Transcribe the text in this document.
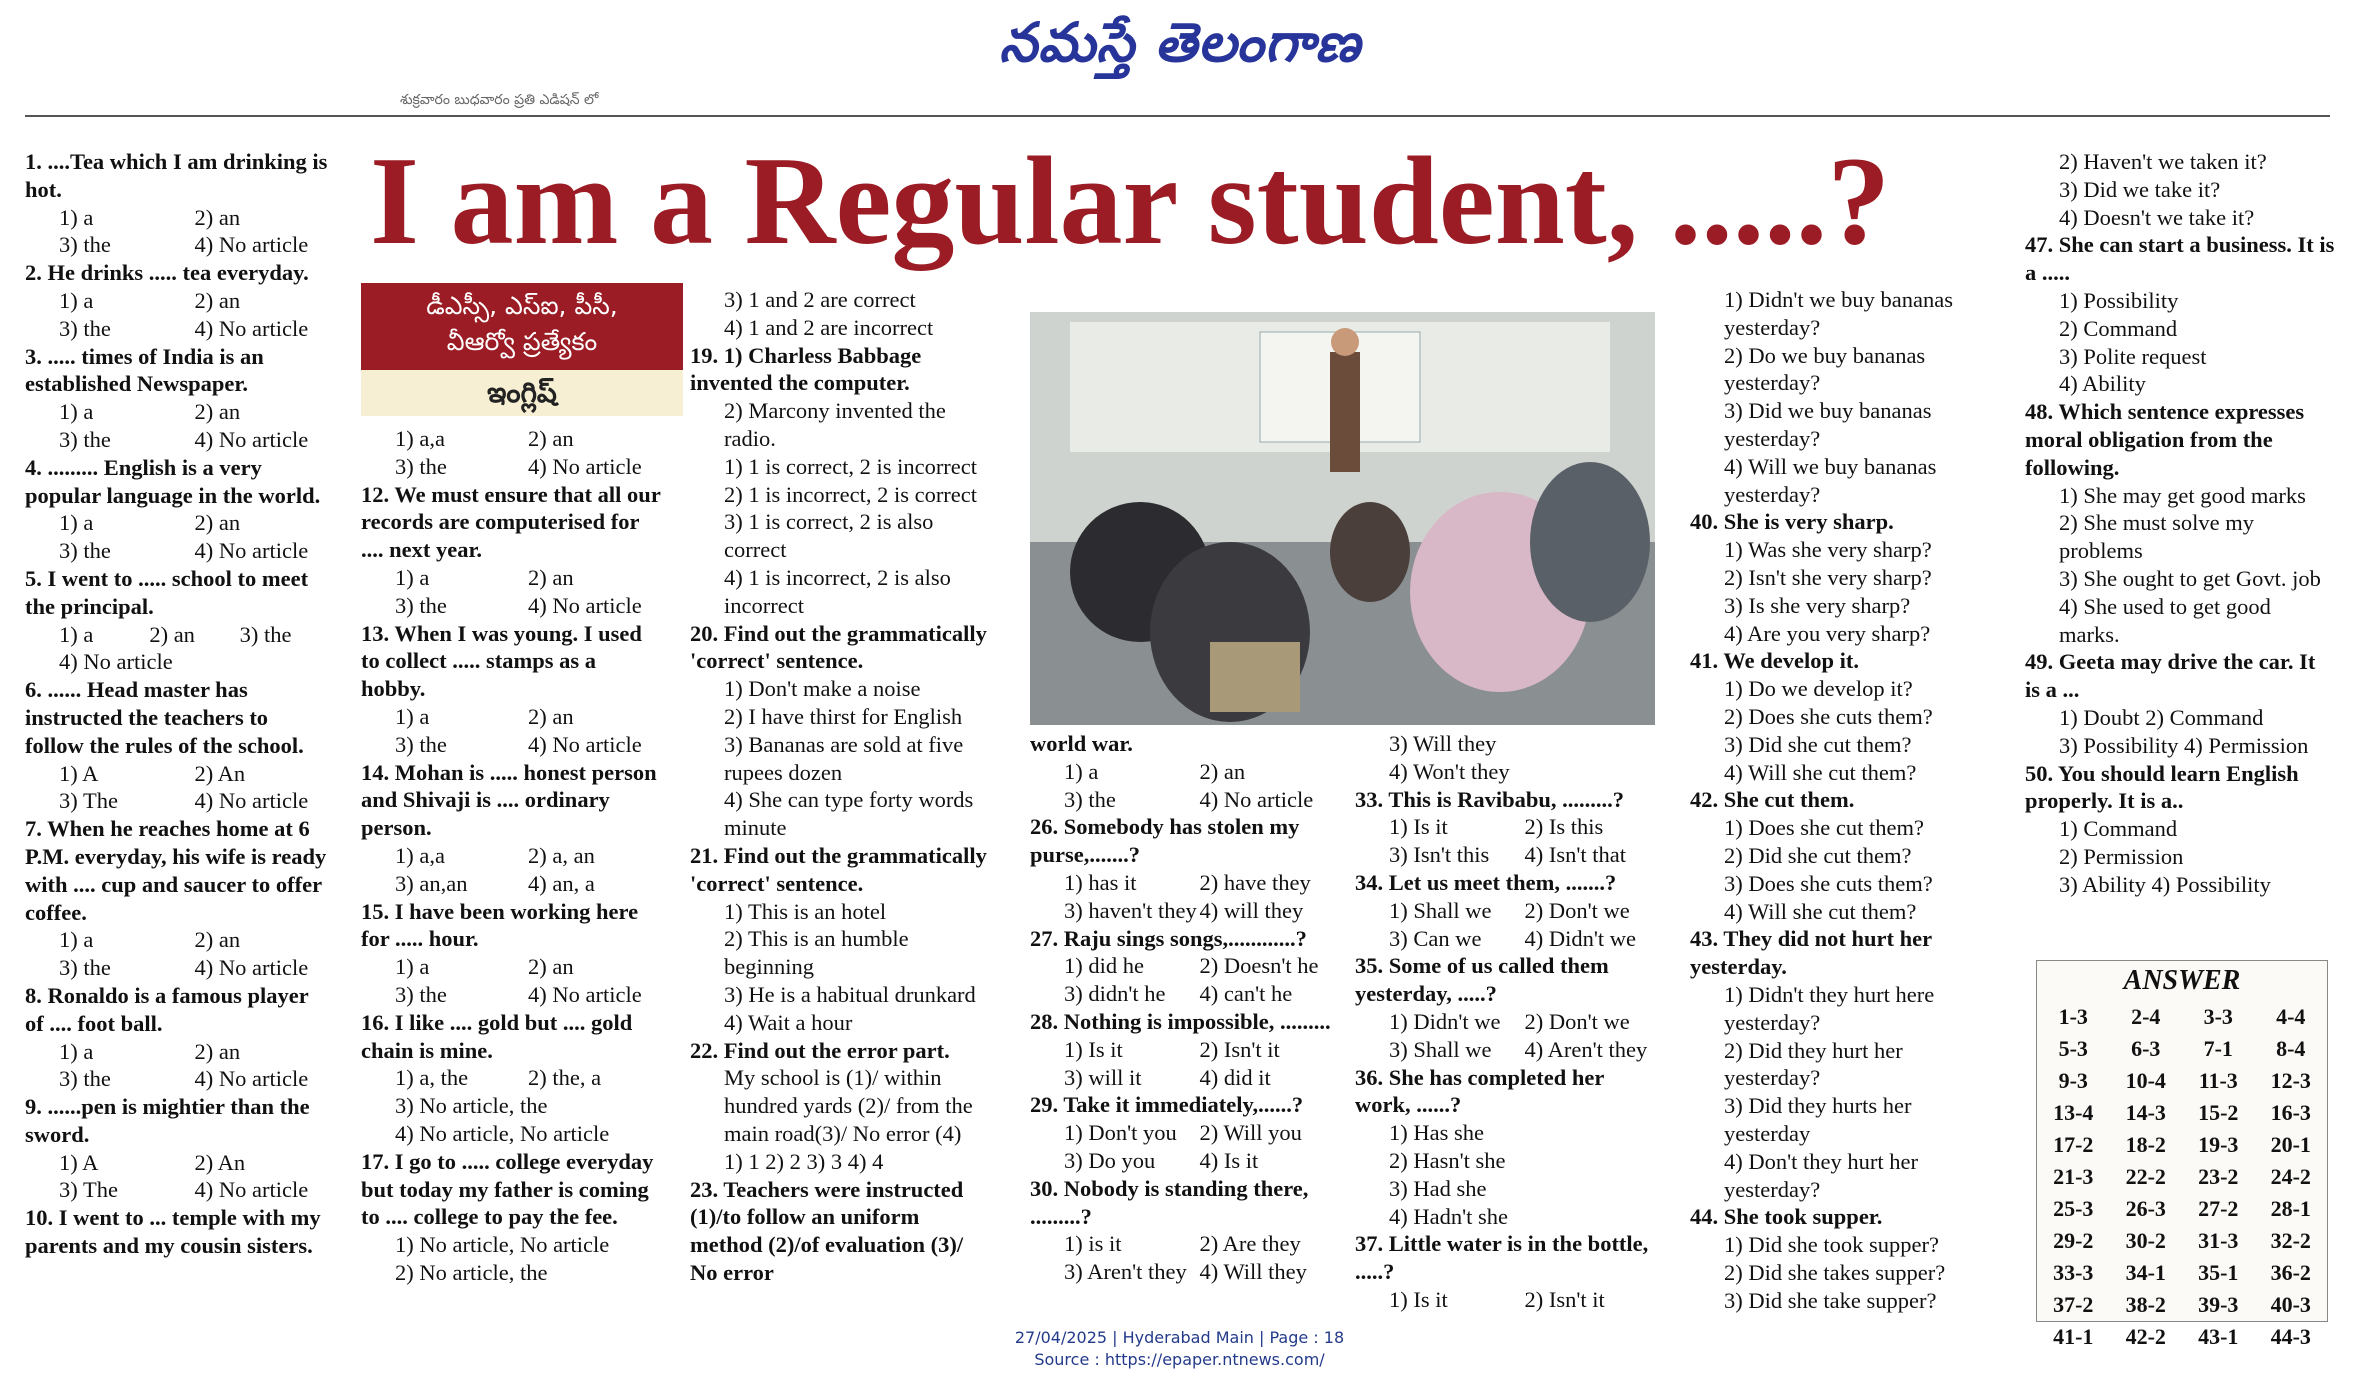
నమస్తే తెలంగాణ
శుక్రవారం బుధవారం ప్రతి ఎడిషన్ లో
I am a Regular student, .....?
డీఎస్సీ, ఎస్ఐ, పీసీ,
వీఆర్వో ప్రత్యేకం
ఇంగ్లిష్

1. ....Tea which I am drinking is hot.

1) a	2) an
3) the	4) No article

2. He drinks ..... tea everyday.

1) a	2) an
3) the	4) No article

3. ..... times of India is an established Newspaper.

1) a	2) an
3) the	4) No article

4. ......... English is a very popular language in the world.

1) a	2) an
3) the	4) No article

5. I went to ..... school to meet the principal.

1) a	2) an	3) the
4) No article

6. ...... Head master has instructed the teachers to follow the rules of the school.

1) A	2) An
3) The	4) No article

7. When he reaches home at 6 P.M. everyday, his wife is ready with .... cup and saucer to offer coffee.

1) a	2) an
3) the	4) No article

8. Ronaldo is a famous player of .... foot ball.

1) a	2) an
3) the	4) No article

9. ......pen is mightier than the sword.

1) A	2) An
3) The	4) No article

10. I went to ... temple with my parents and my cousin sisters.

1) a,a	2) an
3) the	4) No article

12. We must ensure that all our records are computerised for .... next year.

1) a	2) an
3) the	4) No article

13. When I was young. I used to collect ..... stamps as a hobby.

1) a	2) an
3) the	4) No article

14. Mohan is ..... honest person and Shivaji is .... ordinary person.

1) a,a	2) a, an
3) an,an	4) an, a

15. I have been working here for ..... hour.

1) a	2) an
3) the	4) No article

16. I like .... gold but .... gold chain is mine.

1) a, the	2) the, a
3) No article, the
4) No article, No article

17. I go to ..... college everyday but today my father is coming to .... college to pay the fee.

1) No article, No article
2) No article, the
3) 1 and 2 are correct
4) 1 and 2 are incorrect

19. 1) Charless Babbage invented the computer.

2) Marcony invented the radio.
1) 1 is correct, 2 is incorrect
2) 1 is incorrect, 2 is correct
3) 1 is correct, 2 is also correct
4) 1 is incorrect, 2 is also incorrect

20. Find out the grammatically 'correct' sentence.

1) Don't make a noise
2) I have thirst for English
3) Bananas are sold at five rupees dozen
4) She can type forty words minute

21. Find out the grammatically 'correct' sentence.

1) This is an hotel
2) This is an humble beginning
3) He is a habitual drunkard
4) Wait a hour

22. Find out the error part.

My school is (1)/ within hundred yards (2)/ from the main road(3)/ No error (4)
1) 1 2) 2 3) 3 4) 4

23. Teachers were instructed (1)/to follow an uniform method (2)/of evaluation (3)/ No error

world war.

1) a	2) an
3) the	4) No article

26. Somebody has stolen my purse,.......?

1) has it	2) have they
3) haven't they 4) will they

27. Raju sings songs,............?

1) did he	2) Doesn't he
3) didn't he	4) can't he

28. Nothing is impossible, .........

1) Is it	2) Isn't it
3) will it	4) did it

29. Take it immediately,......?

1) Don't you	2) Will you
3) Do you	4) Is it

30. Nobody is standing there, .........?

1) is it	2) Are they
3) Aren't they 4) Will they
3) Will they
4) Won't they

33. This is Ravibabu, .........?

1) Is it	2) Is this
3) Isn't this	4) Isn't that

34. Let us meet them, .......?

1) Shall we	2) Don't we
3) Can we	4) Didn't we

35. Some of us called them yesterday, .....?

1) Didn't we	2) Don't we
3) Shall we	4) Aren't they

36. She has completed her work, ......?

1) Has she
2) Hasn't she
3) Had she
4) Hadn't she

37. Little water is in the bottle, .....?

1) Is it	2) Isn't it
1) Didn't we buy bananas yesterday?
2) Do we buy bananas yesterday?
3) Did we buy bananas yesterday?
4) Will we buy bananas yesterday?

40. She is very sharp.

1) Was she very sharp?
2) Isn't she very sharp?
3) Is she very sharp?
4) Are you very sharp?

41. We develop it.

1) Do we develop it?
2) Does she cuts them?
3) Did she cut them?
4) Will she cut them?

42. She cut them.

1) Does she cut them?
2) Did she cut them?
3) Does she cuts them?
4) Will she cut them?

43. They did not hurt her yesterday.

1) Didn't they hurt here yesterday?
2) Did they hurt her yesterday?
3) Did they hurts her yesterday
4) Don't they hurt her yesterday?

44. She took supper.

1) Did she took supper?
2) Did she takes supper?
3) Did she take supper?
2) Haven't we taken it?
3) Did we take it?
4) Doesn't we take it?

47. She can start a business. It is a .....

1) Possibility
2) Command
3) Polite request
4) Ability

48. Which sentence expresses moral obligation from the following.

1) She may get good marks
2) She must solve my problems
3) She ought to get Govt. job
4) She used to get good marks.

49. Geeta may drive the car. It is a ...

1) Doubt 2) Command
3) Possibility 4) Permission

50. You should learn English properly. It is a..

1) Command
2) Permission
3) Ability 4) Possibility
ANSWER
1-3	2-4	3-3	4-4
5-3	6-3	7-1	8-4
9-3	10-4	11-3	12-3
13-4	14-3	15-2	16-3
17-2	18-2	19-3	20-1
21-3	22-2	23-2	24-2
25-3	26-3	27-2	28-1
29-2	30-2	31-3	32-2
33-3	34-1	35-1	36-2
37-2	38-2	39-3	40-3
41-1	42-2	43-1	44-3
27/04/2025 | Hyderabad Main | Page : 18
Source : https://epaper.ntnews.com/
